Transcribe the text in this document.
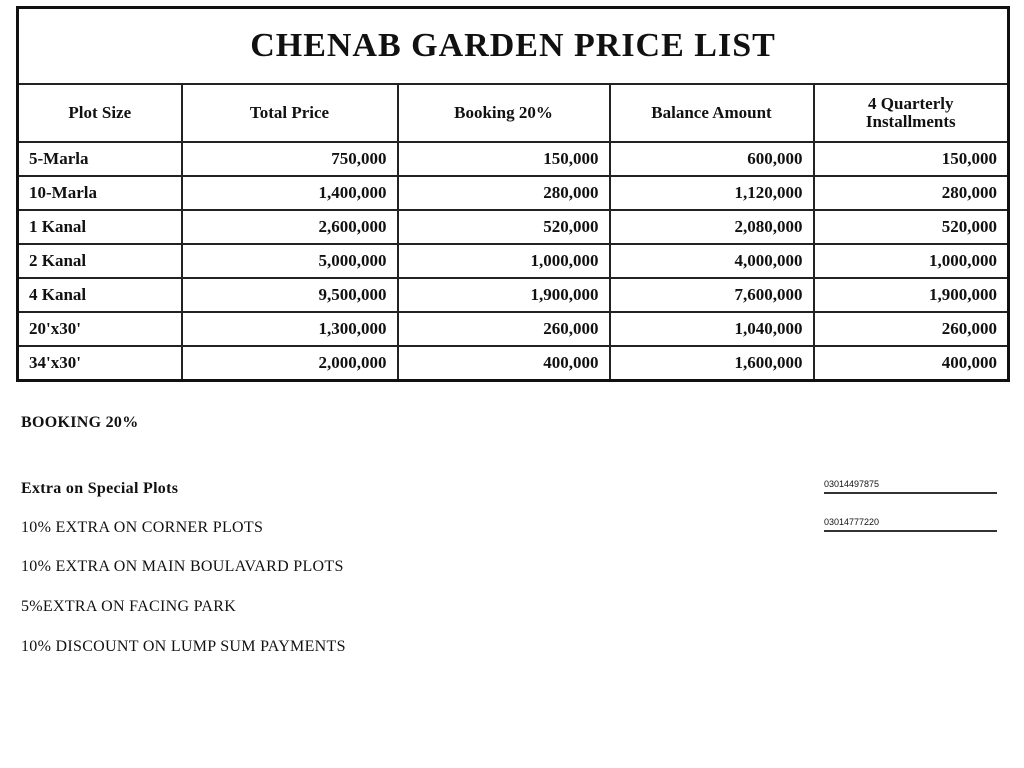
CHENAB GARDEN PRICE LIST				
Plot Size	Total Price	Booking 20%	Balance Amount	4 Quarterly Installments
5-Marla	750,000	150,000	600,000	150,000
10-Marla	1,400,000	280,000	1,120,000	280,000
1 Kanal	2,600,000	520,000	2,080,000	520,000
2 Kanal	5,000,000	1,000,000	4,000,000	1,000,000
4 Kanal	9,500,000	1,900,000	7,600,000	1,900,000
20'x30'	1,300,000	260,000	1,040,000	260,000
34'x30'	2,000,000	400,000	1,600,000	400,000
BOOKING 20%
Extra on Special Plots
10% EXTRA ON CORNER PLOTS
10% EXTRA ON MAIN BOULAVARD PLOTS
5%EXTRA ON FACING PARK
10% DISCOUNT ON LUMP SUM PAYMENTS
03014497875
03014777220
